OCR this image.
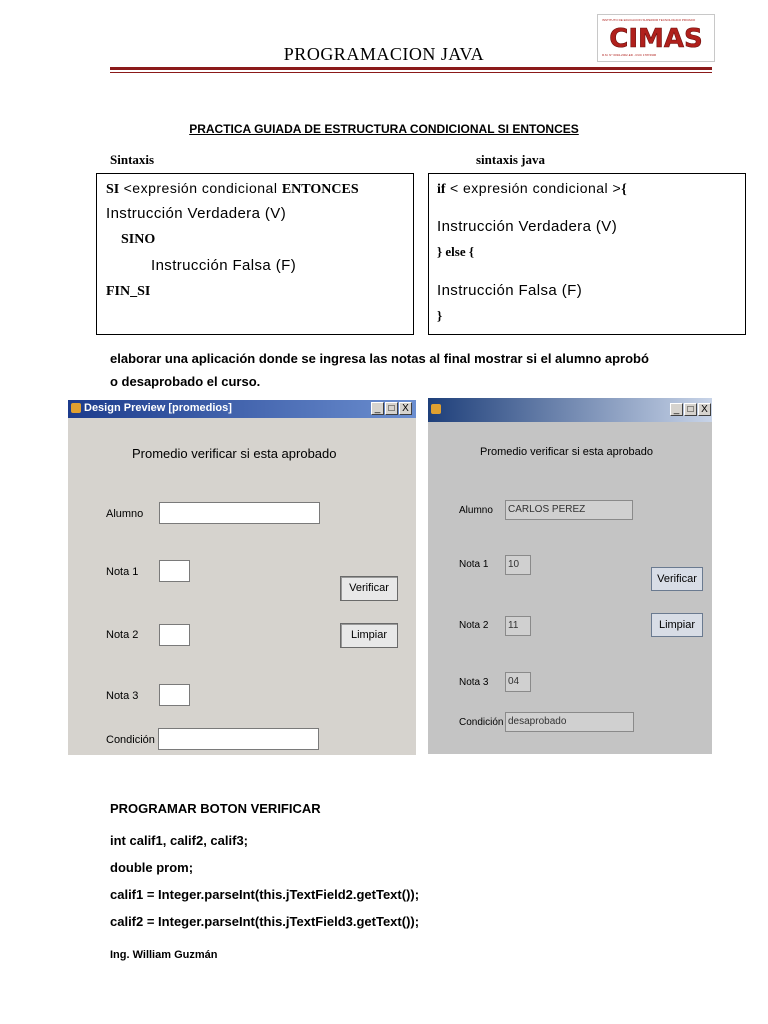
PROGRAMACION JAVA
INSTITUTO DE EDUCACION SUPERIOR TECNOLOGICO PRIVADO
CIMAS
R.M. N° 0094-2002-ED - RUC 17874906
PRACTICA GUIADA DE ESTRUCTURA CONDICIONAL SI ENTONCES
Sintaxis	sintaxis java
SI <expresión condicional ENTONCES
Instrucción Verdadera (V)
SINO
Instrucción Falsa (F)
FIN_SI
if < expresión condicional >{
Instrucción Verdadera (V)
} else {
Instrucción Falsa (F)
}
elaborar una aplicación donde se ingresa las notas al final mostrar si el alumno aprobó
o desaprobado el curso.
Design Preview [promedios]	_ □ X
Promedio verificar si esta aprobado
Alumno
Nota 1
Verificar
Nota 2	Limpiar
Nota 3
Condición
_ □ X
Promedio verificar si esta aprobado
Alumno	CARLOS PEREZ
Nota 1	10
Verificar
Nota 2	11	Limpiar
Nota 3	04
Condición desaprobado
PROGRAMAR BOTON VERIFICAR
int calif1, calif2, calif3;
double prom;
calif1 = Integer.parseInt(this.jTextField2.getText());
calif2 = Integer.parseInt(this.jTextField3.getText());
Ing. William Guzmán
